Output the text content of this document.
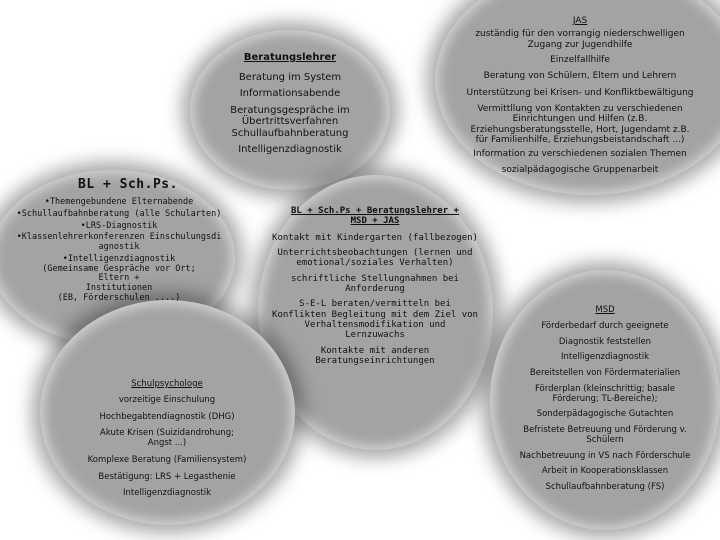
JAS
zuständig für den vorrangig niederschwelligen
Zugang zur Jugendhilfe
Einzelfallhilfe
Beratung von Schülern, Eltern und Lehrern
Unterstützung bei Krisen- und Konfliktbewältigung
Vermittllung von Kontakten zu verschiedenen
Einrichtungen und Hilfen (z.B.
Erziehungsberatungsstelle, Hort, Jugendamt z.B.
für Familienhilfe, Erziehungsbeistandschaft ...)
Information zu verschiedenen sozialen Themen
sozialpädagogische Gruppenarbeit
Beratungslehrer
Beratung im System
Informationsabende
Beratungsgespräche im
Übertrittsverfahren
Schullaufbahnberatung
Intelligenzdiagnostik
BL + Sch.Ps.
•Themengebundene Elternabende
•Schullaufbahnberatung (alle Schularten)
•LRS-Diagnostik
•Klassenlehrerkonferenzen Einschulungsdi
agnostik
•Intelligenzdiagnostik
(Gemeinsame Gespräche vor Ort;
Eltern +
Institutionen
(EB, Förderschulen ....)
BL + Sch.Ps + Beratungslehrer +
MSD + JAS
Kontakt mit Kindergarten (fallbezogen)
Unterrichtsbeobachtungen (lernen und
emotional/soziales Verhalten)
schriftliche Stellungnahmen bei
Anforderung
S-E-L beraten/vermitteln bei
Konflikten Begleitung mit dem Ziel von
Verhaltensmodifikation und
Lernzuwachs
Kontakte mit anderen
Beratungseinrichtungen
Schulpsychologe
vorzeitige Einschulung
Hochbegabtendiagnostik (DHG)
Akute Krisen (Suizidandrohung;
Angst ...)
Komplexe Beratung (Familiensystem)
Bestätigung: LRS + Legasthenie
Intelligenzdiagnostik
MSD
Förderbedarf durch geeignete
Diagnostik feststellen
Intelligenzdiagnostik
Bereitstellen von Fördermaterialien
Förderplan (kleinschrittig; basale
Förderung; TL-Bereiche);
Sonderpädagogische Gutachten
Befristete Betreuung und Förderung v.
Schülern
Nachbetreuung in VS nach Förderschule
Arbeit in Kooperationsklassen
Schullaufbahnberatung (FS)
